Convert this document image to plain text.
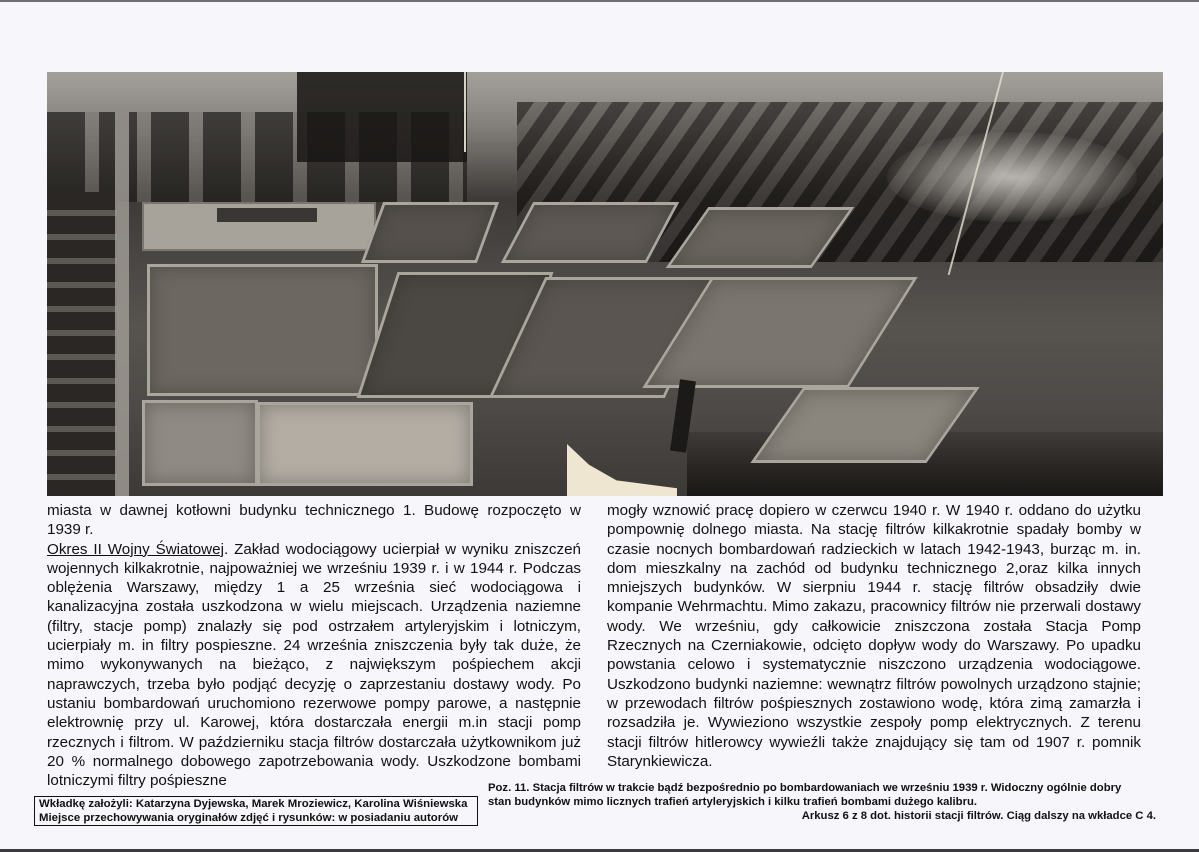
miasta w dawnej kotłowni budynku technicznego 1. Budowę rozpoczęto w 1939 r.

Okres II Wojny Światowej. Zakład wodociągowy ucierpiał w wyniku zniszczeń wojennych kilkakrotnie, najpoważniej we wrześniu 1939 r. i w 1944 r. Podczas oblężenia Warszawy, między 1 a 25 września sieć wodociągowa i kanalizacyjna została uszkodzona w wielu miejscach. Urządzenia naziemne (filtry, stacje pomp) znalazły się pod ostrzałem artyleryjskim i lotniczym, ucierpiały m. in filtry pospieszne. 24 września zniszczenia były tak duże, że mimo wykonywanych na bieżąco, z największym pośpiechem akcji naprawczych, trzeba było podjąć decyzję o zaprzestaniu dostawy wody. Po ustaniu bombardowań uruchomiono rezerwowe pompy parowe, a następnie elektrownię przy ul. Karowej, która dostarczała energii m.in stacji pomp rzecznych i filtrom. W październiku stacja filtrów dostarczała użytkownikom już 20 % normalnego dobowego zapotrzebowania wody. Uszkodzone bombami lotniczymi filtry pośpieszne

mogły wznowić pracę dopiero w czerwcu 1940 r. W 1940 r. oddano do użytku pompownię dolnego miasta. Na stację filtrów kilkakrotnie spadały bomby w czasie nocnych bombardowań radzieckich w latach 1942-1943, burząc m. in. dom mieszkalny na zachód od budynku technicznego 2,oraz kilka innych mniejszych budynków. W sierpniu 1944 r. stację filtrów obsadziły dwie kompanie Wehrmachtu. Mimo zakazu, pracownicy filtrów nie przerwali dostawy wody. We wrześniu, gdy całkowicie zniszczona została Stacja Pomp Rzecznych na Czerniakowie, odcięto dopływ wody do Warszawy. Po upadku powstania celowo i systematycznie niszczono urządzenia wodociągowe. Uszkodzono budynki naziemne: wewnątrz filtrów powolnych urządzono stajnie; w przewodach filtrów pośpiesznych zostawiono wodę, która zimą zamarzła i rozsadziła je. Wywieziono wszystkie zespoły pomp elektrycznych. Z terenu stacji filtrów hitlerowcy wywieźli także znajdujący się tam od 1907 r. pomnik Starynkiewicza.

Wkładkę założyli: Katarzyna Dyjewska, Marek Mroziewicz, Karolina Wiśniewska
Miejsce przechowywania oryginałów zdjęć i rysunków: w posiadaniu autorów
Poz. 11. Stacja filtrów w trakcie bądź bezpośrednio po bombardowaniach we wrześniu 1939 r. Widoczny ogólnie dobry
stan budynków mimo licznych trafień artyleryjskich i kilku trafień bombami dużego kalibru.
Arkusz 6 z 8 dot. historii stacji filtrów. Ciąg dalszy na wkładce C 4.
